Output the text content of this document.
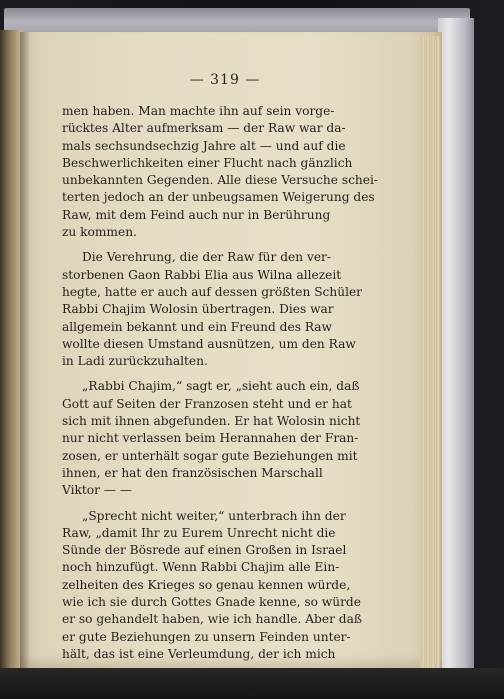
— 319 —
men haben. Man machte ihn auf sein vorge-
rücktes Alter aufmerksam — der Raw war da-
mals sechsundsechzig Jahre alt — und auf die
Beschwerlichkeiten einer Flucht nach gänzlich
unbekannten Gegenden. Alle diese Versuche schei-
terten jedoch an der unbeugsamen Weigerung des
Raw, mit dem Feind auch nur in Berührung
zu kommen.
Die Verehrung, die der Raw für den ver-
storbenen Gaon Rabbi Elia aus Wilna allezeit
hegte, hatte er auch auf dessen größten Schüler
Rabbi Chajim Wolosin übertragen. Dies war
allgemein bekannt und ein Freund des Raw
wollte diesen Umstand ausnützen, um den Raw
in Ladi zurückzuhalten.
„Rabbi Chajim,“ sagt er, „sieht auch ein, daß
Gott auf Seiten der Franzosen steht und er hat
sich mit ihnen abgefunden. Er hat Wolosin nicht
nur nicht verlassen beim Herannahen der Fran-
zosen, er unterhält sogar gute Beziehungen mit
ihnen, er hat den französischen Marschall
Viktor — —
„Sprecht nicht weiter,“ unterbrach ihn der
Raw, „damit Ihr zu Eurem Unrecht nicht die
Sünde der Bösrede auf einen Großen in Israel
noch hinzufügt. Wenn Rabbi Chajim alle Ein-
zelheiten des Krieges so genau kennen würde,
wie ich sie durch Gottes Gnade kenne, so würde
er so gehandelt haben, wie ich handle. Aber daß
er gute Beziehungen zu unsern Feinden unter-
hält, das ist eine Verleumdung, der ich mich
